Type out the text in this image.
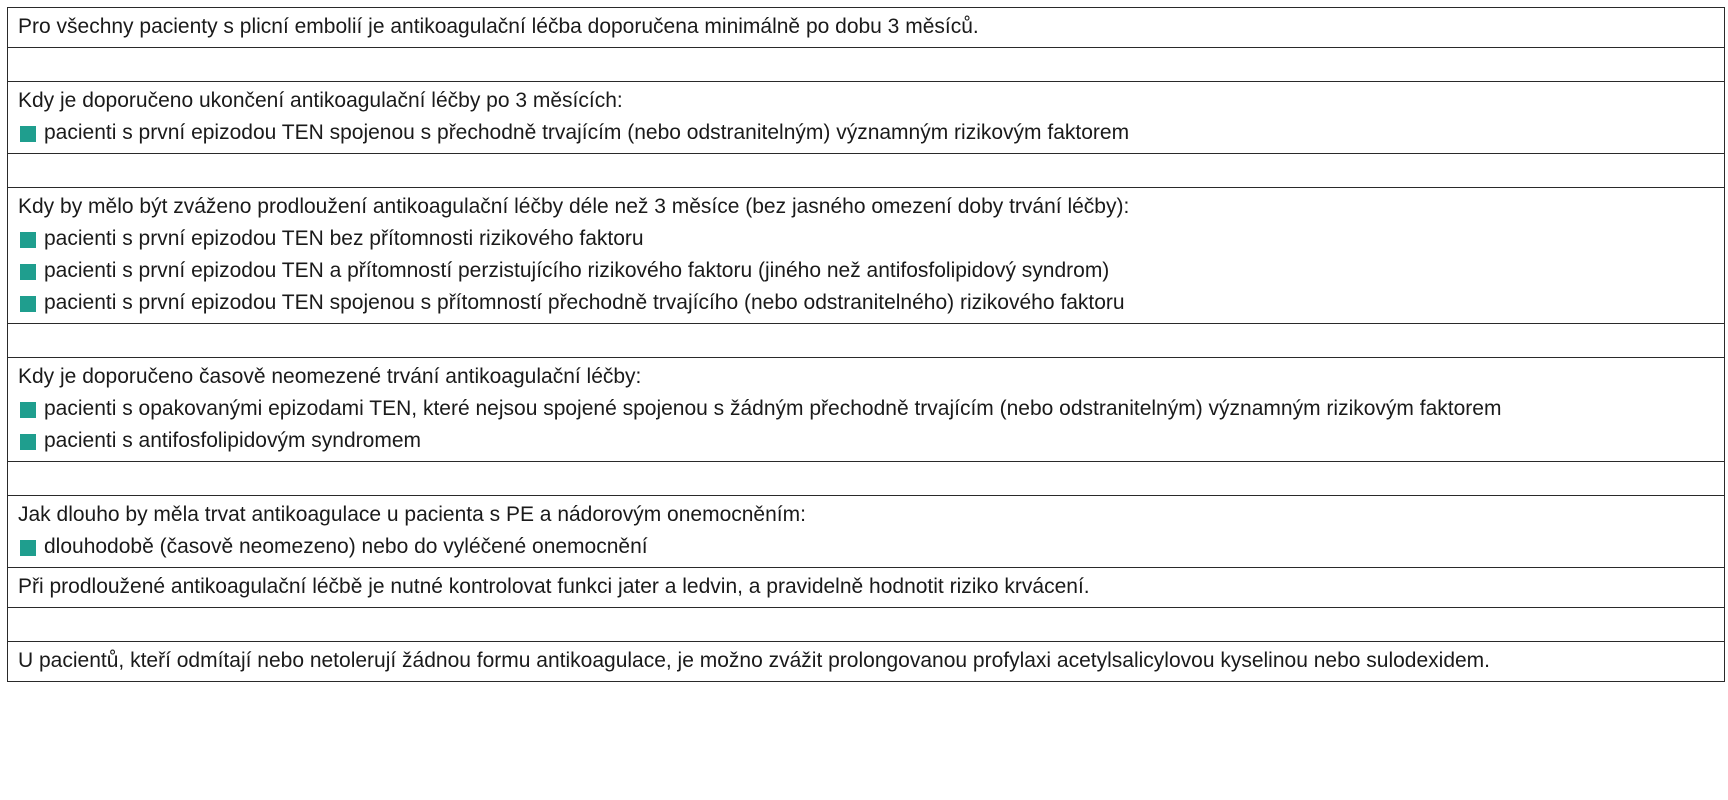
Pro všechny pacienty s plicní embolií je antikoagulační léčba doporučena minimálně po dobu 3 měsíců.

Kdy je doporučeno ukončení antikoagulační léčby po 3 měsících:
pacienti s první epizodou TEN spojenou s přechodně trvajícím (nebo odstranitelným) významným rizikovým faktorem

Kdy by mělo být zváženo prodloužení antikoagulační léčby déle než 3 měsíce (bez jasného omezení doby trvání léčby):
pacienti s první epizodou TEN bez přítomnosti rizikového faktoru
pacienti s první epizodou TEN a přítomností perzistujícího rizikového faktoru (jiného než antifosfolipidový syndrom)
pacienti s první epizodou TEN spojenou s přítomností přechodně trvajícího (nebo odstranitelného) rizikového faktoru

Kdy je doporučeno časově neomezené trvání antikoagulační léčby:
pacienti s opakovanými epizodami TEN, které nejsou spojené spojenou s žádným přechodně trvajícím (nebo odstranitelným) významným rizikovým faktorem
pacienti s antifosfolipidovým syndromem

Jak dlouho by měla trvat antikoagulace u pacienta s PE a nádorovým onemocněním:
dlouhodobě (časově neomezeno) nebo do vyléčené onemocnění

Při prodloužené antikoagulační léčbě je nutné kontrolovat funkci jater a ledvin, a pravidelně hodnotit riziko krvácení.

U pacientů, kteří odmítají nebo netolerují žádnou formu antikoagulace, je možno zvážit prolongovanou profylaxi acetylsalicylovou kyselinou nebo sulodexidem.
